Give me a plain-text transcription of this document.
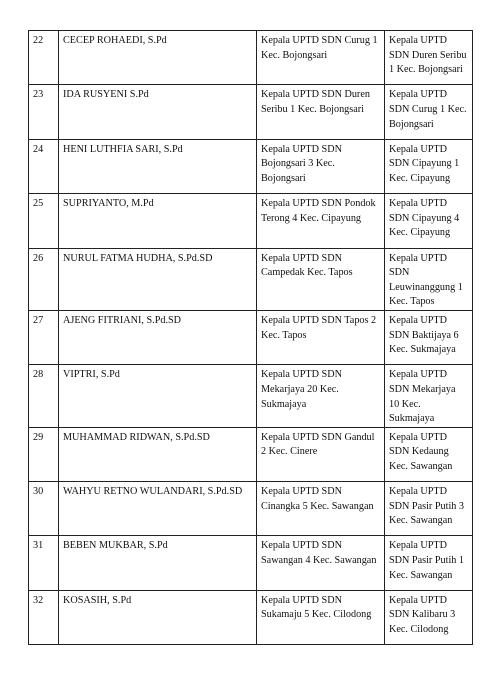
22	CECEP ROHAEDI, S.Pd	Kepala UPTD SDN Curug 1 Kec. Bojongsari	Kepala UPTD SDN Duren Seribu 1 Kec. Bojongsari
23	IDA RUSYENI S.Pd	Kepala UPTD SDN Duren Seribu 1 Kec. Bojongsari	Kepala UPTD SDN Curug 1 Kec. Bojongsari
24	HENI LUTHFIA SARI, S.Pd	Kepala UPTD SDN Bojongsari 3 Kec. Bojongsari	Kepala UPTD SDN Cipayung 1 Kec. Cipayung
25	SUPRIYANTO, M.Pd	Kepala UPTD SDN Pondok Terong 4 Kec. Cipayung	Kepala UPTD SDN Cipayung 4 Kec. Cipayung
26	NURUL FATMA HUDHA, S.Pd.SD	Kepala UPTD SDN Campedak Kec. Tapos	Kepala UPTD SDN Leuwinanggung 1 Kec. Tapos
27	AJENG FITRIANI, S.Pd.SD	Kepala UPTD SDN Tapos 2 Kec. Tapos	Kepala UPTD SDN Baktijaya 6 Kec. Sukmajaya
28	VIPTRI, S.Pd	Kepala UPTD SDN Mekarjaya 20 Kec. Sukmajaya	Kepala UPTD SDN Mekarjaya 10 Kec. Sukmajaya
29	MUHAMMAD RIDWAN, S.Pd.SD	Kepala UPTD SDN Gandul 2 Kec. Cinere	Kepala UPTD SDN Kedaung Kec. Sawangan
30	WAHYU RETNO WULANDARI, S.Pd.SD	Kepala UPTD SDN Cinangka 5 Kec. Sawangan	Kepala UPTD SDN Pasir Putih 3 Kec. Sawangan
31	BEBEN MUKBAR, S.Pd	Kepala UPTD SDN Sawangan 4 Kec. Sawangan	Kepala UPTD SDN Pasir Putih 1 Kec. Sawangan
32	KOSASIH, S.Pd	Kepala UPTD SDN Sukamaju 5 Kec. Cilodong	Kepala UPTD SDN Kalibaru 3 Kec. Cilodong
